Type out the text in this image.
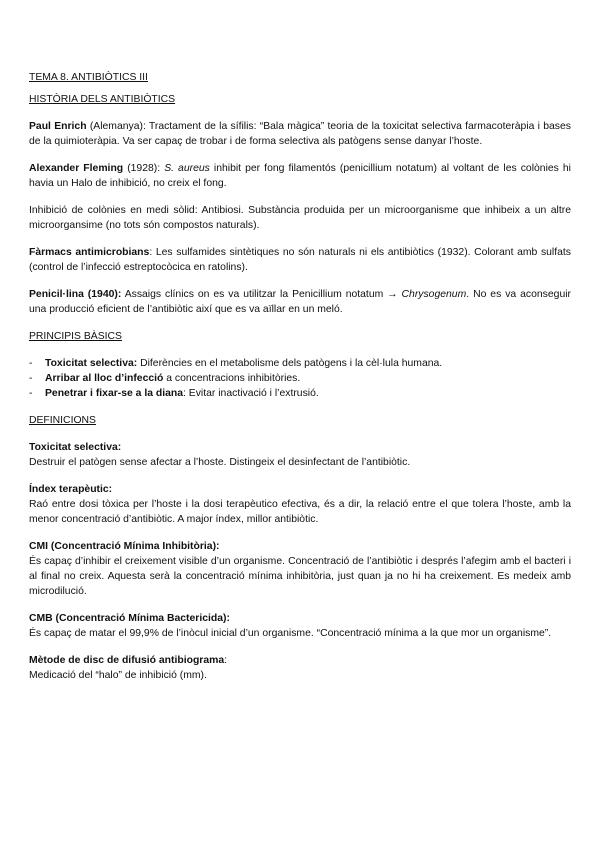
TEMA 8. ANTIBIÒTICS III
HISTÒRIA DELS ANTIBIÒTICS

Paul Enrich (Alemanya): Tractament de la sífilis: “Bala màgica” teoria de la toxicitat selectiva farmacoteràpia i bases de la quimioteràpia. Va ser capaç de trobar i de forma selectiva als patògens sense danyar l’hoste.

Alexander Fleming (1928): S. aureus inhibit per fong filamentós (penicillium notatum) al voltant de les colònies hi havia un Halo de inhibició, no creix el fong.

Inhibició de colònies en medi sòlid: Antibiosi. Substància produida per un microorganisme que inhibeix a un altre microorgansime (no tots són compostos naturals).

Fàrmacs antimicrobians: Les sulfamides sintètiques no són naturals ni els antibiòtics (1932). Colorant amb sulfats (control de l’infecció estreptocòcica en ratolins).

Penicil·lina (1940): Assaigs clínics on es va utilitzar la Penicillium notatum → Chrysogenum. No es va aconseguir una producció eficient de l’antibiòtic així que es va aïllar en un meló.

PRINCIPIS BÀSICS
- Toxicitat selectiva: Diferències en el metabolisme dels patògens i la cèl·lula humana.
- Arribar al lloc d’infecció a concentracions inhibitòries.
- Penetrar i fixar-se a la diana: Evitar inactivació i l’extrusió.
DEFINICIONS
Toxicitat selectiva:
Destruir el patògen sense afectar a l’hoste. Distingeix el desinfectant de l’antibiòtic.
Índex terapèutic:
Raó entre dosi tòxica per l’hoste i la dosi terapèutico efectiva, és a dir, la relació entre el que tolera l’hoste, amb la menor concentració d’antibiòtic. A major índex, millor antibiòtic.
CMI (Concentració Mínima Inhibitòria):
És capaç d’inhibir el creixement visible d’un organisme. Concentració de l’antibiòtic i després l’afegim amb el bacteri i al final no creix. Aquesta serà la concentració mínima inhibitòria, just quan ja no hi ha creixement. Es medeix amb microdilució.
CMB (Concentració Mínima Bactericida):
És capaç de matar el 99,9% de l’inòcul inicial d’un organisme. “Concentració mínima a la que mor un organisme”.
Mètode de disc de difusió antibiograma:
Medicació del “halo” de inhibició (mm).
